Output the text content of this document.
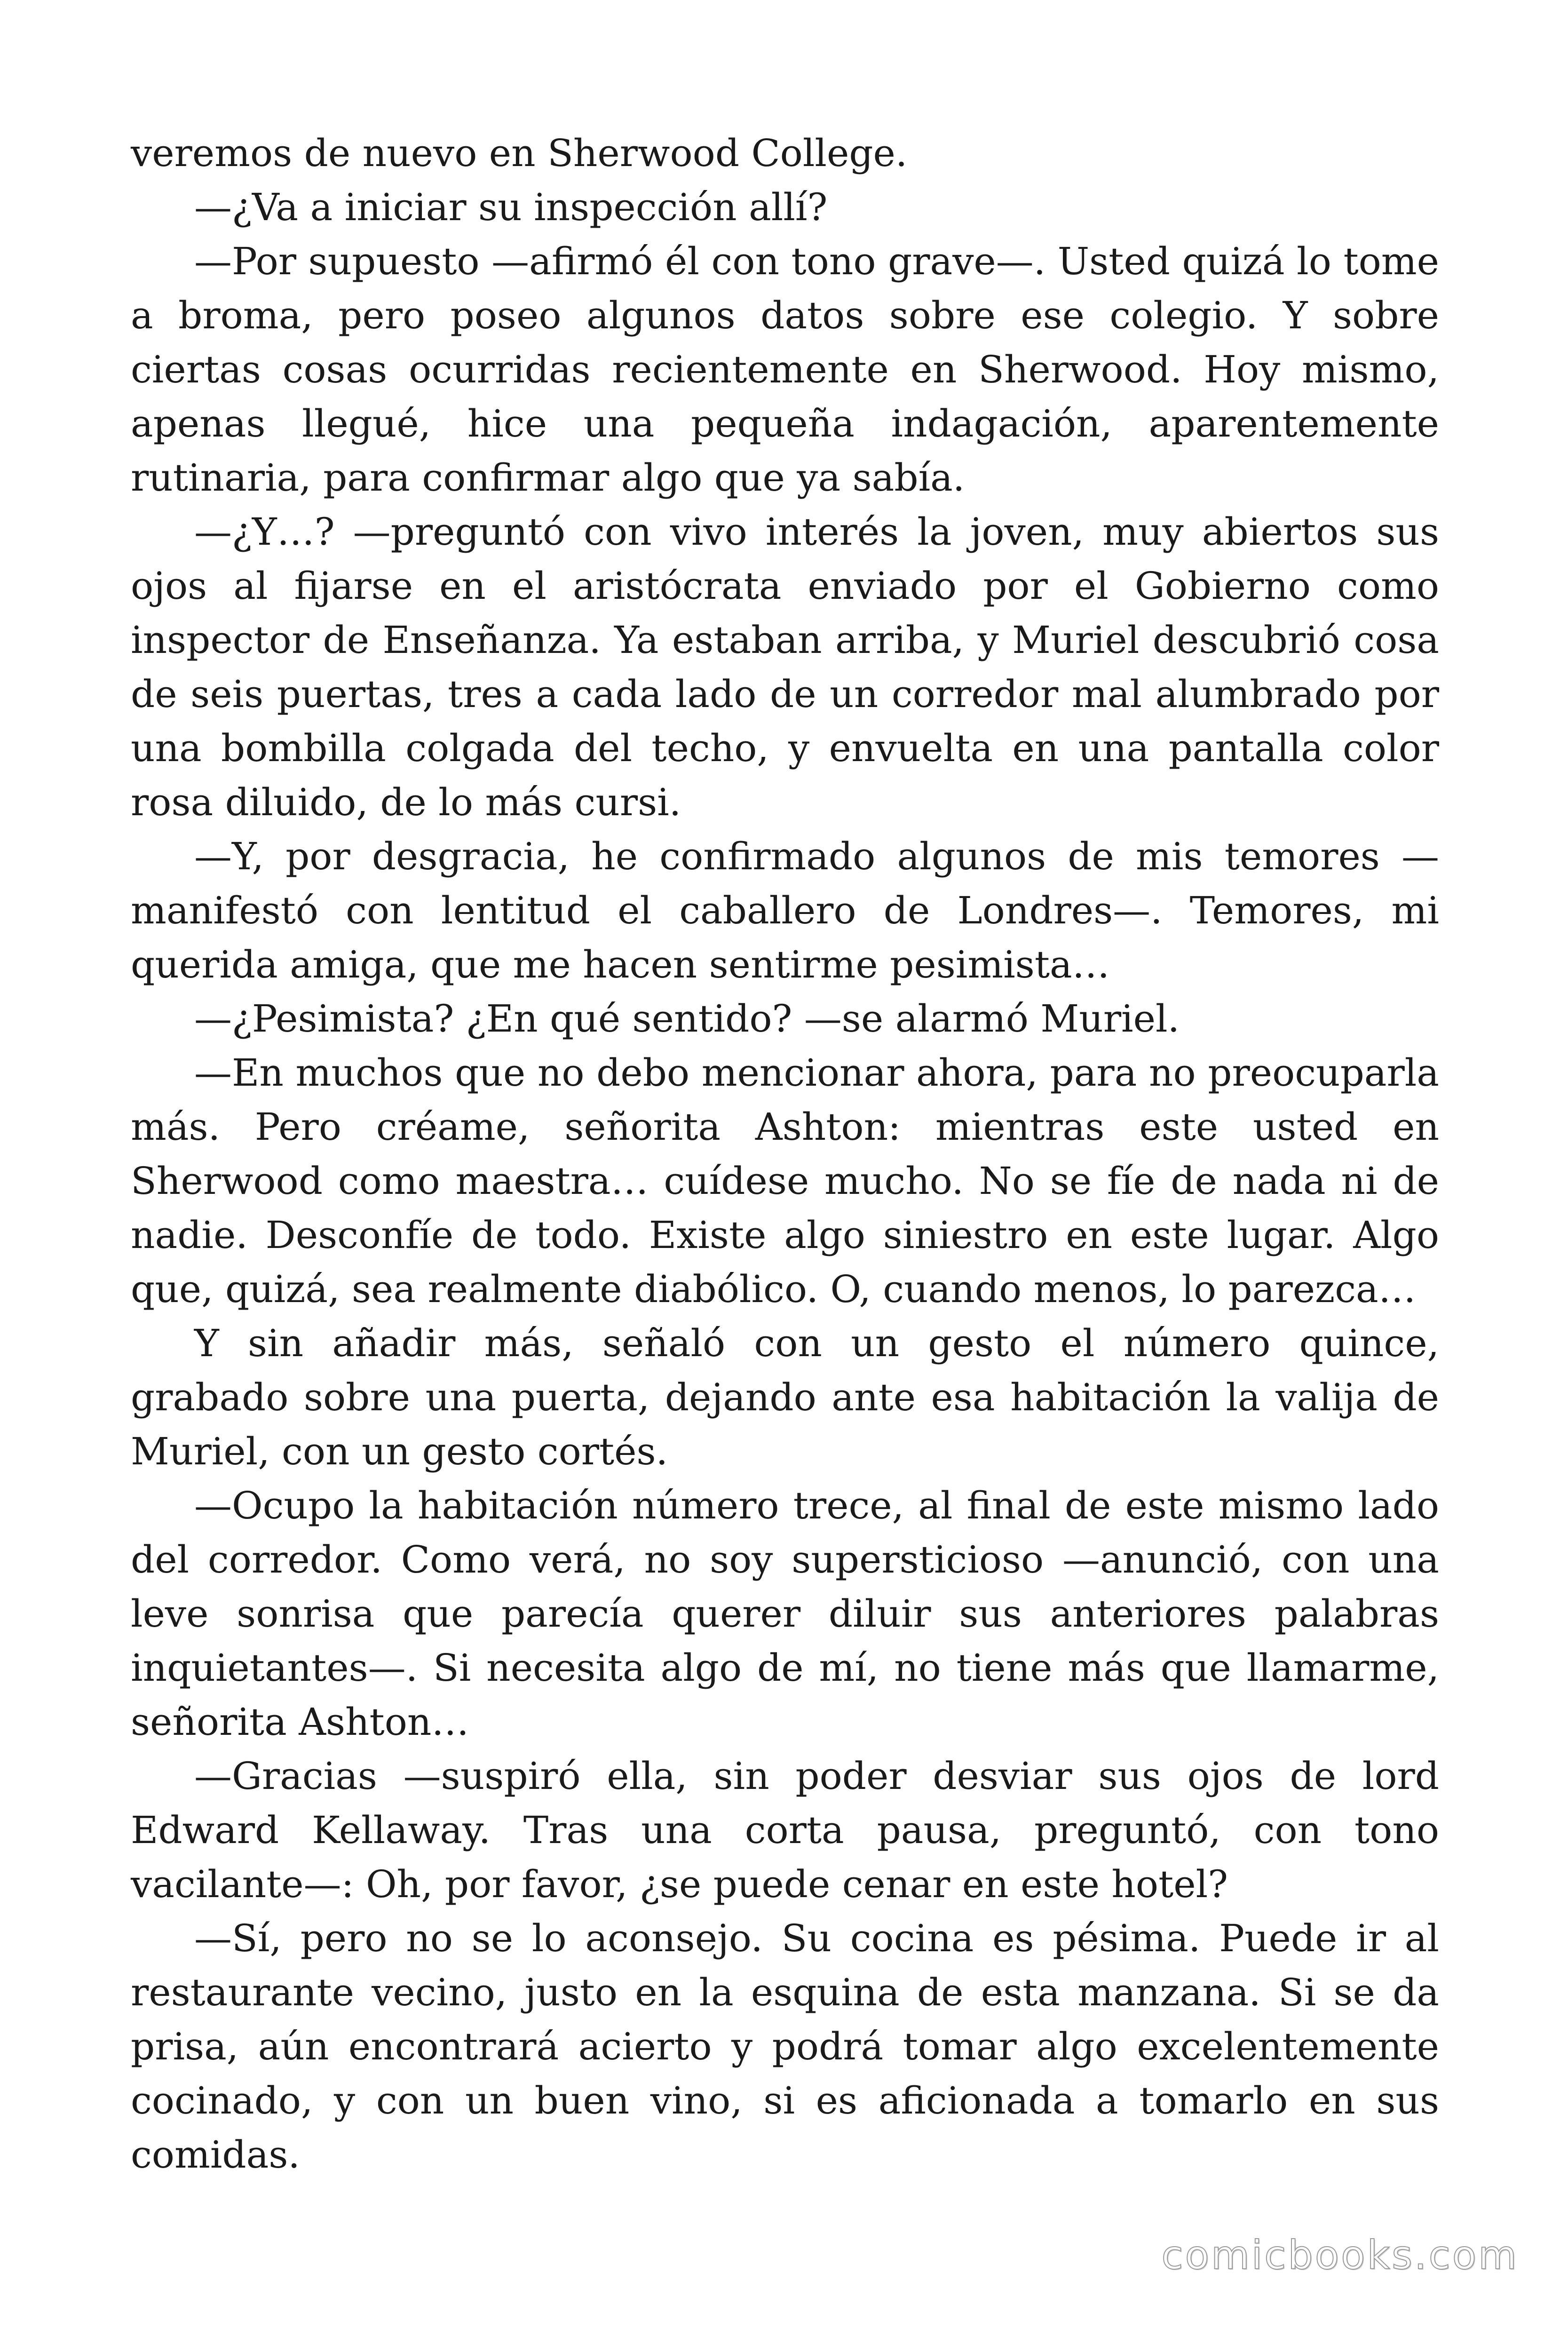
veremos de nuevo en Sherwood College.

—¿Va a iniciar su inspección allí?

—Por supuesto —afirmó él con tono grave—. Usted quizá lo tome a broma, pero poseo algunos datos sobre ese colegio. Y sobre ciertas cosas ocurridas recientemente en Sherwood. Hoy mismo, apenas llegué, hice una pequeña indagación, aparentemente rutinaria, para confirmar algo que ya sabía.

—¿Y…? —preguntó con vivo interés la joven, muy abiertos sus ojos al fijarse en el aristócrata enviado por el Gobierno como inspector de Enseñanza. Ya estaban arriba, y Muriel descubrió cosa de seis puertas, tres a cada lado de un corredor mal alumbrado por una bombilla colgada del techo, y envuelta en una pantalla color rosa diluido, de lo más cursi.

—Y, por desgracia, he confirmado algunos de mis temores —manifestó con lentitud el caballero de Londres—. Temores, mi querida amiga, que me hacen sentirme pesimista…

—¿Pesimista? ¿En qué sentido? —se alarmó Muriel.

—En muchos que no debo mencionar ahora, para no preocuparla más. Pero créame, señorita Ashton: mientras este usted en Sherwood como maestra… cuídese mucho. No se fíe de nada ni de nadie. Desconfíe de todo. Existe algo siniestro en este lugar. Algo que, quizá, sea realmente diabólico. O, cuando menos, lo parezca…

Y sin añadir más, señaló con un gesto el número quince, grabado sobre una puerta, dejando ante esa habitación la valija de Muriel, con un gesto cortés.

—Ocupo la habitación número trece, al final de este mismo lado del corredor. Como verá, no soy supersticioso —anunció, con una leve sonrisa que parecía querer diluir sus anteriores palabras inquietantes—. Si necesita algo de mí, no tiene más que llamarme, señorita Ashton…

—Gracias —suspiró ella, sin poder desviar sus ojos de lord Edward Kellaway. Tras una corta pausa, preguntó, con tono vacilante—: Oh, por favor, ¿se puede cenar en este hotel?

—Sí, pero no se lo aconsejo. Su cocina es pésima. Puede ir al restaurante vecino, justo en la esquina de esta manzana. Si se da prisa, aún encontrará acierto y podrá tomar algo excelentemente cocinado, y con un buen vino, si es aficionada a tomarlo en sus comidas.

comicbooks.com
